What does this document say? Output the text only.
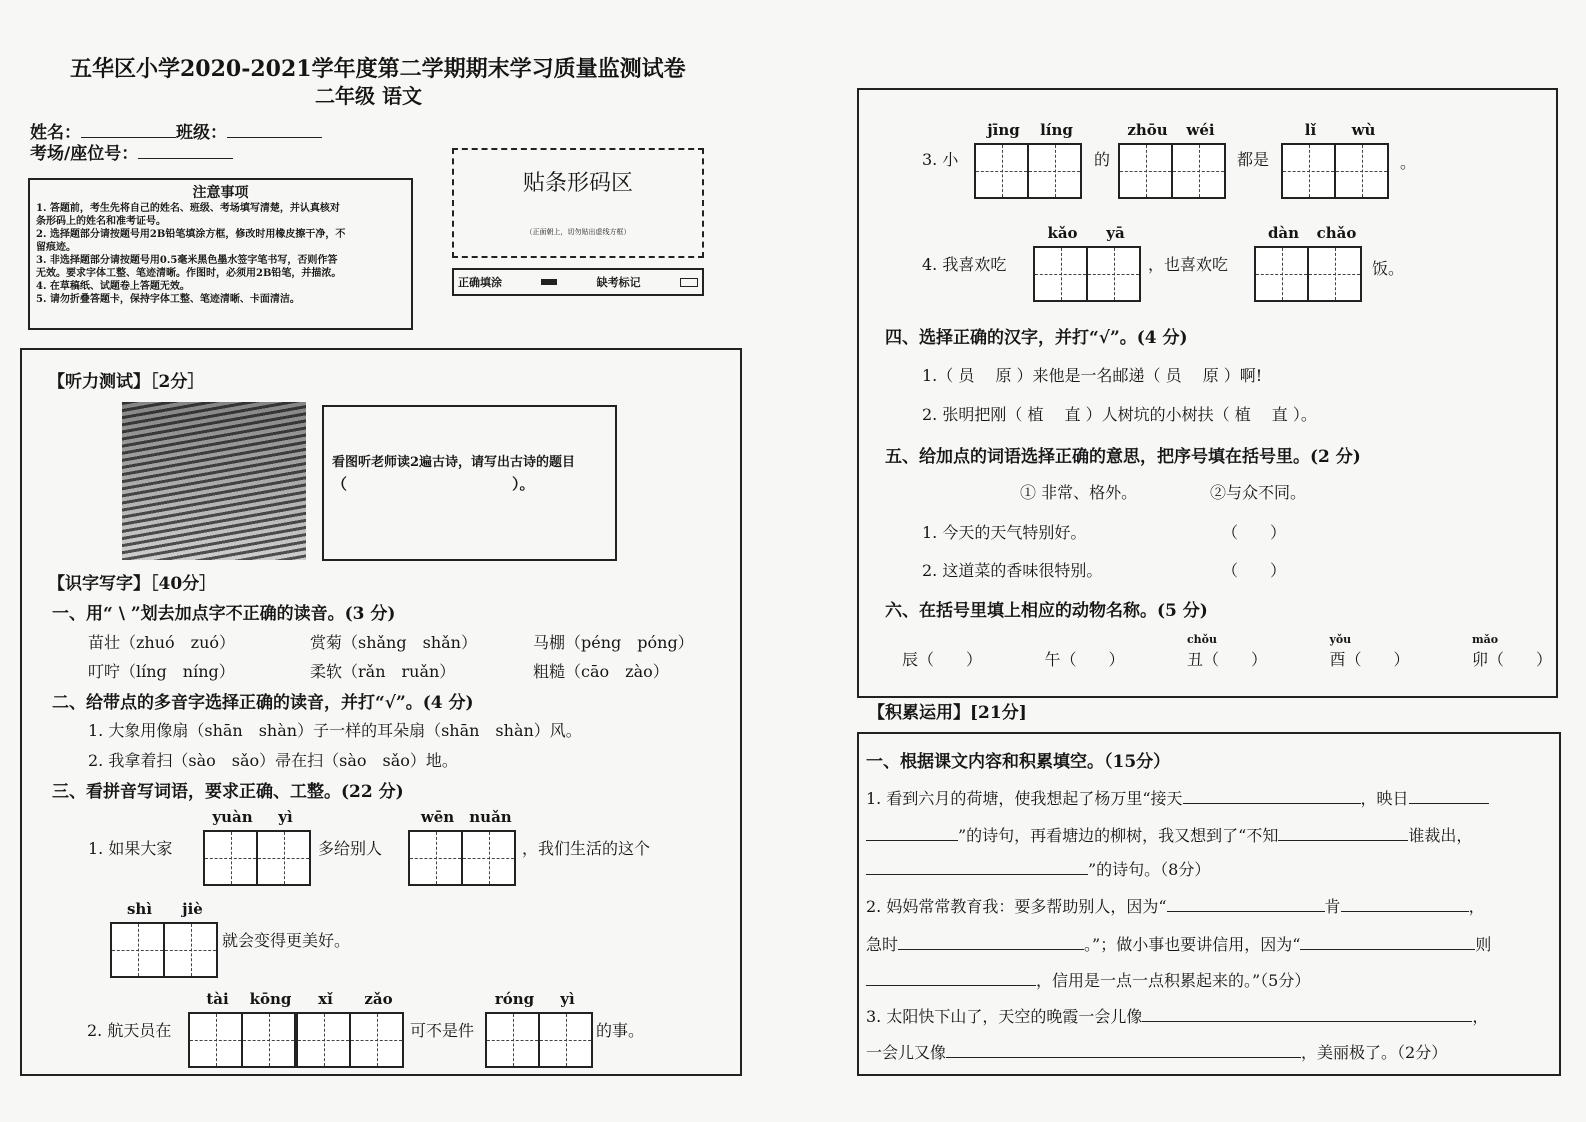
五华区小学2020-2021学年度第二学期期末学习质量监测试卷
二年级 语文
姓名：	班级：
考场/座位号：
注意事项
1. 答题前，考生先将自己的姓名、班级、考场填写清楚，并认真核对
条形码上的姓名和准考证号。
2. 选择题部分请按题号用2B铅笔填涂方框，修改时用橡皮擦干净，不
留痕迹。
3. 非选择题部分请按题号用0.5毫米黑色墨水签字笔书写，否则作答
无效。要求字体工整、笔迹清晰。作图时，必须用2B铅笔，并描浓。
4. 在草稿纸、试题卷上答题无效。
5. 请勿折叠答题卡，保持字体工整、笔迹清晰、卡面清洁。
贴条形码区
（正面朝上，切勿贴出虚线方框）
正确填涂	缺考标记
【听力测试】［2分］
看图听老师读2遍古诗，请写出古诗的题目
（　　　　　　　　　　　）。
【识字写字】［40分］
一、用“ \ ”划去加点字不正确的读音。(3 分)
苗壮（zhuó　zuó）	赏菊（shǎng　shǎn）	马棚（péng　póng）
叮咛（líng　níng）	柔软（rǎn　ruǎn）	粗糙（cāo　zào）
二、给带点的多音字选择正确的读音，并打“√”。(4 分)
1. 大象用像扇（shān　shàn）子一样的耳朵扇（shān　shàn）风。
2. 我拿着扫（sào　sǎo）帚在扫（sào　sǎo）地。
三、看拼音写词语，要求正确、工整。(22 分)
1. 如果大家
yuàn	yì
多给别人
wēn	nuǎn
，我们生活的这个
shì	jiè
就会变得更美好。
2. 航天员在
tài	kōng	xǐ	zǎo
可不是件
róng	yì
的事。
3. 小
jīng	líng
的
zhōu	wéi
都是
lǐ	wù
。
4. 我喜欢吃
kǎo	yā
，也喜欢吃
dàn	chǎo
饭。
四、选择正确的汉字，并打“√”。(4 分)
1.（ 员　 原 ）来他是一名邮递（ 员　 原 ）啊!
2. 张明把刚（ 植　 直 ）人树坑的小树扶（ 植　 直 ）。
五、给加点的词语选择正确的意思，把序号填在括号里。(2 分)
① 非常、格外。	②与众不同。
1. 今天的天气特别好。	（　　）
2. 这道菜的香味很特别。	（　　）
六、在括号里填上相应的动物名称。(5 分)
辰（　　）	午（　　）
chǒu
丑（　　）
yǒu
酉（　　）
mǎo
卯（　　）
【积累运用】[21分]
一、根据课文内容和积累填空。（15分）
1. 看到六月的荷塘，使我想起了杨万里“接天	，映日
”的诗句，再看塘边的柳树，我又想到了“不知	谁裁出，
”的诗句。（8分）
2. 妈妈常常教育我：要多帮助别人，因为“	肯	，
急时	。”；做小事也要讲信用，因为“	则
，信用是一点一点积累起来的。”（5分）
3. 太阳快下山了，天空的晚霞一会儿像	，
一会儿又像	，美丽极了。（2分）
